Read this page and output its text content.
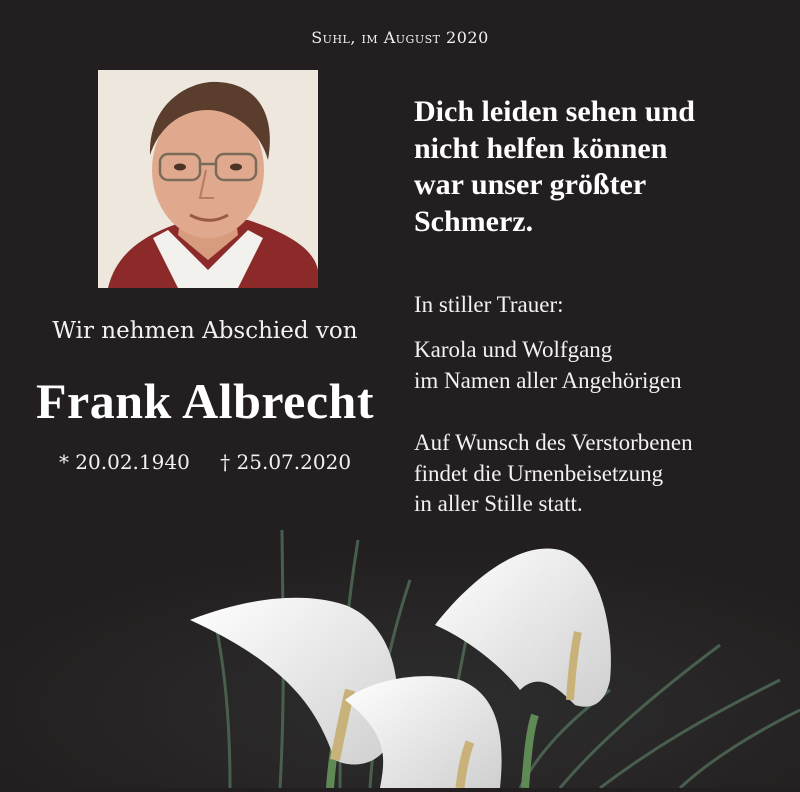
Suhl, im August 2020
Wir nehmen Abschied von
Frank Albrecht
* 20.02.1940 † 25.07.2020
Dich leiden sehen und
nicht helfen können
war unser größter
Schmerz.
In stiller Trauer:
Karola und Wolfgang
im Namen aller Angehörigen
Auf Wunsch des Verstorbenen
findet die Urnenbeisetzung
in aller Stille statt.
